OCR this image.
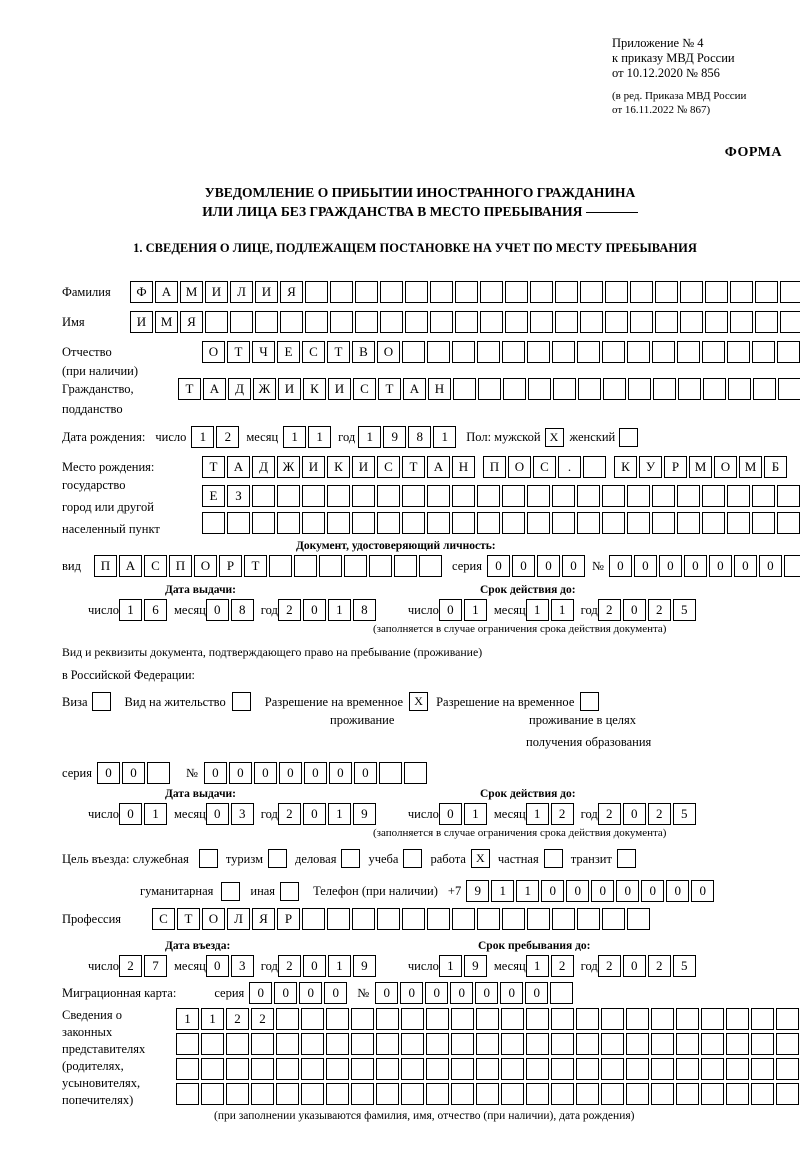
Приложение № 4
к приказу МВД России
от 10.12.2020 № 856
(в ред. Приказа МВД России
от 16.11.2022 № 867)
ФОРМА
УВЕДОМЛЕНИЕ О ПРИБЫТИИ ИНОСТРАННОГО ГРАЖДАНИНА
ИЛИ ЛИЦА БЕЗ ГРАЖДАНСТВА В МЕСТО ПРЕБЫВАНИЯ
1. СВЕДЕНИЯ О ЛИЦЕ, ПОДЛЕЖАЩЕМ ПОСТАНОВКЕ НА УЧЕТ ПО МЕСТУ ПРЕБЫВАНИЯ
Фамилия	Ф	А	М	И	Л	И	Я
Имя	И	М	Я
Отчество	О	Т	Ч	Е	С	Т	В	О
(при наличии)
Гражданство,	Т	А	Д	Ж	И	К	И	С	Т	А	Н
подданство
Дата рождения: число	1	2	месяц	1	1	год 1	9	8	1	Пол: мужской X женский
Место рождения:	Т	А	Д	Ж	И	К	И	С	Т	А	Н	П	О	С	.	К	У	Р	М	О	М	Б
государство
Е	З
город или другой
населенный пункт
Документ, удостоверяющий личность:
вид	П	А	С	П	О	Р	Т	серия	0	0	0	0	№	0	0	0	0	0	0	0
Дата выдачи:	Срок действия до:
число 1	6	месяц 0	8	год 2	0	1	8	число 0	1	месяц 1	1	год 2	0	2	5
(заполняется в случае ограничения срока действия документа)
Вид и реквизиты документа, подтверждающего право на пребывание (проживание)
в Российской Федерации:
Виза	Вид на жительство	Разрешение на временное X	Разрешение на временное
проживание	проживание в целях
получения образования
серия	0	0	№	0	0	0	0	0	0	0
Дата выдачи:	Срок действия до:
число 0	1	месяц 0	3	год 2	0	1	9	число 0	1	месяц 1	2	год 2	0	2	5
(заполняется в случае ограничения срока действия документа)
Цель въезда: служебная	туризм	деловая	учеба	работа X	частная	транзит
гуманитарная	иная	Телефон (при наличии) +7	9	1	1	0	0	0	0	0	0	0
Профессия	С	Т	О	Л	Я	Р
Дата въезда:	Срок пребывания до:
число 2	7	месяц 0	3	год 2	0	1	9	число 1	9	месяц 1	2	год 2	0	2	5
Миграционная карта:	серия	0	0	0	0	№	0	0	0	0	0	0	0
Сведения о
законных
представителях
(родителях,
усыновителях,
попечителях)
1	1	2	2
(при заполнении указываются фамилия, имя, отчество (при наличии), дата рождения)
